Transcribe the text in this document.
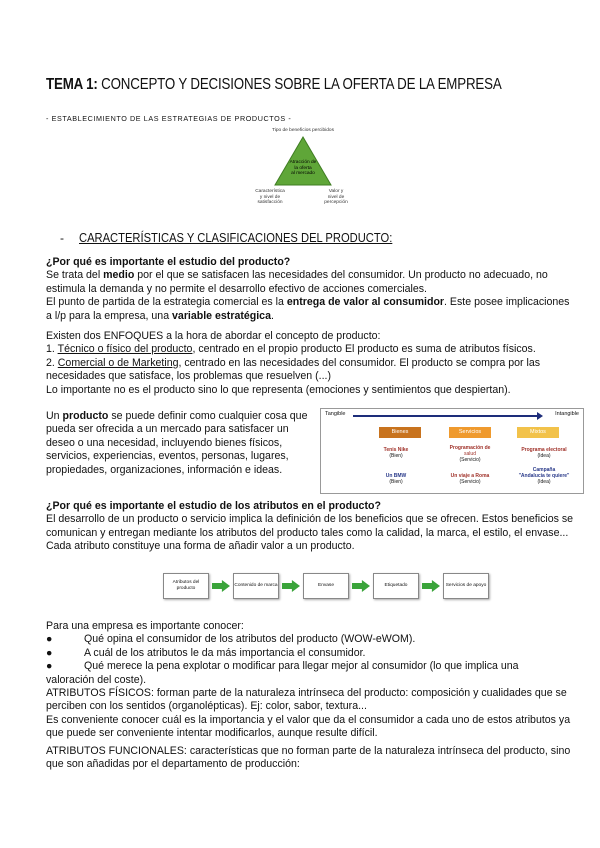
TEMA 1: CONCEPTO Y DECISIONES SOBRE LA OFERTA DE LA EMPRESA
- ESTABLECIMIENTO DE LAS ESTRATEGIAS DE PRODUCTOS -
Tipo de beneficios percibidos
Atracción de
la oferta
al mercado
Característica
y nivel de
satisfacción
Valor y
nivel de
percepción
- CARACTERÍSTICAS Y CLASIFICACIONES DEL PRODUCTO:

¿Por qué es importante el estudio del producto?

Se trata del medio por el que se satisfacen las necesidades del consumidor. Un producto no adecuado, no estimula la demanda y no permite el desarrollo efectivo de acciones comerciales.

El punto de partida de la estrategia comercial es la entrega de valor al consumidor. Este posee implicaciones a l/p para la empresa, una variable estratégica.

Existen dos ENFOQUES a la hora de abordar el concepto de producto:

1. Técnico o físico del producto, centrado en el propio producto El producto es suma de atributos físicos.

2. Comercial o de Marketing, centrado en las necesidades del consumidor. El producto se compra por las necesidades que satisface, los problemas que resuelven (...)

Lo importante no es el producto sino lo que representa (emociones y sentimientos que despiertan).

Un producto se puede definir como cualquier cosa que pueda ser ofrecida a un mercado para satisfacer un deseo o una necesidad, incluyendo bienes físicos, servicios, experiencias, eventos, personas, lugares, propiedades, organizaciones, información e ideas.

Tangible	Intangible
Bienes	Servicios	Mixtos
Tenis Nike
(Bien)
Programación de
salud
(Servicio)
Programa electoral
(Idea)
Un BMW
(Bien)
Un viaje a Roma
(Servicio)
Campaña
"Andalucía te quiere"
(Idea)

¿Por qué es importante el estudio de los atributos en el producto?

El desarrollo de un producto o servicio implica la definición de los beneficios que se ofrecen. Estos beneficios se comunican y entregan mediante los atributos del producto tales como la calidad, la marca, el estilo, el envase...

Cada atributo constituye una forma de añadir valor a un producto.

Atributos del producto
Contenido de marca	Envase	Etiquetado	Servicios de apoyo

Para una empresa es importante conocer:

●	Qué opina el consumidor de los atributos del producto (WOW-eWOM).
●	A cuál de los atributos le da más importancia el consumidor.
●	Qué merece la pena explotar o modificar para llegar mejor al consumidor (lo que implica una

valoración del coste).

ATRIBUTOS FÍSICOS: forman parte de la naturaleza intrínseca del producto: composición y cualidades que se perciben con los sentidos (organolépticas). Ej: color, sabor, textura...

Es conveniente conocer cuál es la importancia y el valor que da el consumidor a cada uno de estos atributos ya que puede ser conveniente intentar modificarlos, aunque resulte difícil.

ATRIBUTOS FUNCIONALES: características que no forman parte de la naturaleza intrínseca del producto, sino que son añadidas por el departamento de producción:
